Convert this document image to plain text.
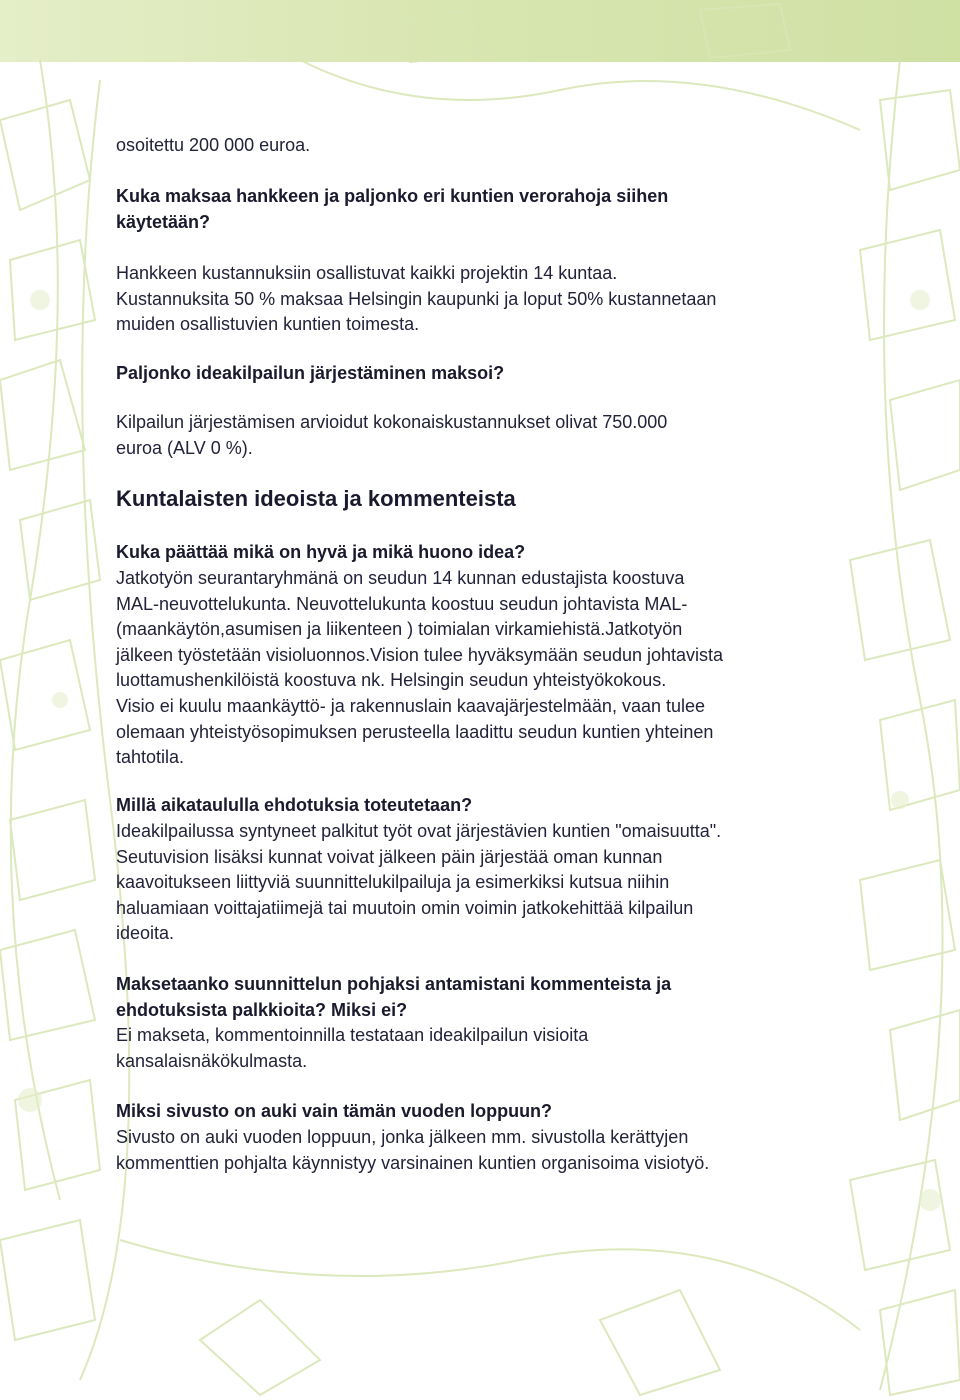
osoitettu 200 000 euroa.

Kuka maksaa hankkeen ja paljonko eri kuntien verorahoja siihen
käytetään?
Hankkeen kustannuksiin osallistuvat kaikki projektin 14 kuntaa.
Kustannuksita 50 % maksaa Helsingin kaupunki ja loput 50% kustannetaan
muiden osallistuvien kuntien toimesta.

Paljonko ideakilpailun järjestäminen maksoi?

Kilpailun järjestämisen arvioidut kokonaiskustannukset olivat 750.000
euroa (ALV 0 %).
Kuntalaisten ideoista ja kommenteista

Kuka päättää mikä on hyvä ja mikä huono idea?

Jatkotyön seurantaryhmänä on seudun 14 kunnan edustajista koostuva
MAL-neuvottelukunta. Neuvottelukunta koostuu seudun johtavista MAL-
(maankäytön,asumisen ja liikenteen ) toimialan virkamiehistä.Jatkotyön
jälkeen työstetään visioluonnos.Vision tulee hyväksymään seudun johtavista
luottamushenkilöistä koostuva nk. Helsingin seudun yhteistyökokous.
Visio ei kuulu maankäyttö- ja rakennuslain kaavajärjestelmään, vaan tulee
olemaan yhteistyösopimuksen perusteella laadittu seudun kuntien yhteinen
tahtotila.

Millä aikataululla ehdotuksia toteutetaan?

Ideakilpailussa syntyneet palkitut työt ovat järjestävien kuntien "omaisuutta".
Seutuvision lisäksi kunnat voivat jälkeen päin järjestää oman kunnan
kaavoitukseen liittyviä suunnittelukilpailuja ja esimerkiksi kutsua niihin
haluamiaan voittajatiimejä tai muutoin omin voimin jatkokehittää kilpailun
ideoita.
Maksetaanko suunnittelun pohjaksi antamistani kommenteista ja
ehdotuksista palkkioita? Miksi ei?
Ei makseta, kommentoinnilla testataan ideakilpailun visioita
kansalaisnäkökulmasta.

Miksi sivusto on auki vain tämän vuoden loppuun?

Sivusto on auki vuoden loppuun, jonka jälkeen mm. sivustolla kerättyjen
kommenttien pohjalta käynnistyy varsinainen kuntien organisoima visiotyö.
